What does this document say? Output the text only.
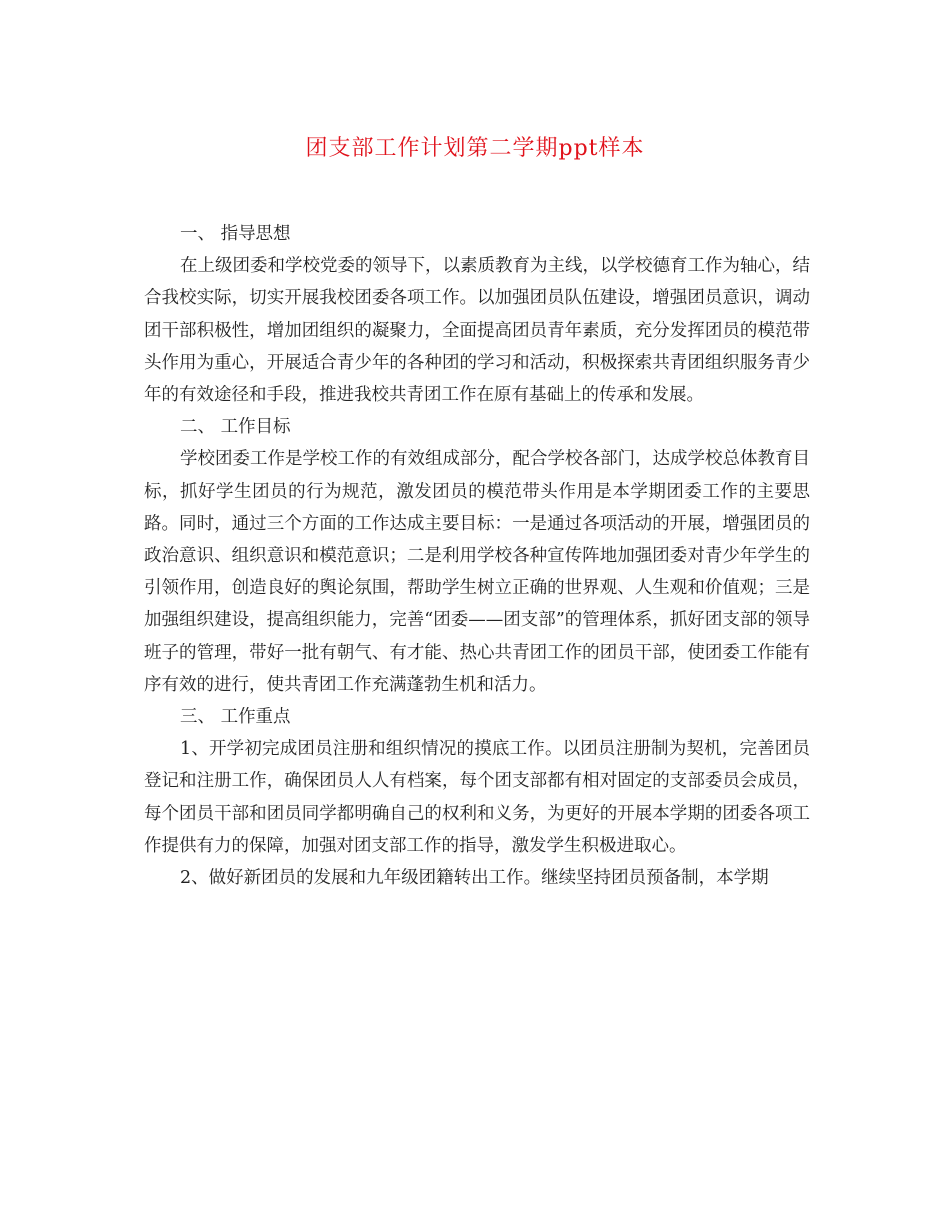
团支部工作计划第二学期ppt样本

一、 指导思想

在上级团委和学校党委的领导下，以素质教育为主线，以学校德育工作为轴心，结合我校实际，切实开展我校团委各项工作。以加强团员队伍建设，增强团员意识，调动团干部积极性，增加团组织的凝聚力，全面提高团员青年素质，充分发挥团员的模范带头作用为重心，开展适合青少年的各种团的学习和活动，积极探索共青团组织服务青少年的有效途径和手段，推进我校共青团工作在原有基础上的传承和发展。

二、 工作目标

学校团委工作是学校工作的有效组成部分，配合学校各部门，达成学校总体教育目标，抓好学生团员的行为规范，激发团员的模范带头作用是本学期团委工作的主要思路。同时，通过三个方面的工作达成主要目标：一是通过各项活动的开展，增强团员的政治意识、组织意识和模范意识；二是利用学校各种宣传阵地加强团委对青少年学生的引领作用，创造良好的舆论氛围，帮助学生树立正确的世界观、人生观和价值观；三是加强组织建设，提高组织能力，完善“团委——团支部”的管理体系，抓好团支部的领导班子的管理，带好一批有朝气、有才能、热心共青团工作的团员干部，使团委工作能有序有效的进行，使共青团工作充满蓬勃生机和活力。

三、 工作重点

1、开学初完成团员注册和组织情况的摸底工作。以团员注册制为契机，完善团员登记和注册工作，确保团员人人有档案，每个团支部都有相对固定的支部委员会成员，每个团员干部和团员同学都明确自己的权利和义务，为更好的开展本学期的团委各项工作提供有力的保障，加强对团支部工作的指导，激发学生积极进取心。

2、做好新团员的发展和九年级团籍转出工作。继续坚持团员预备制，本学期
